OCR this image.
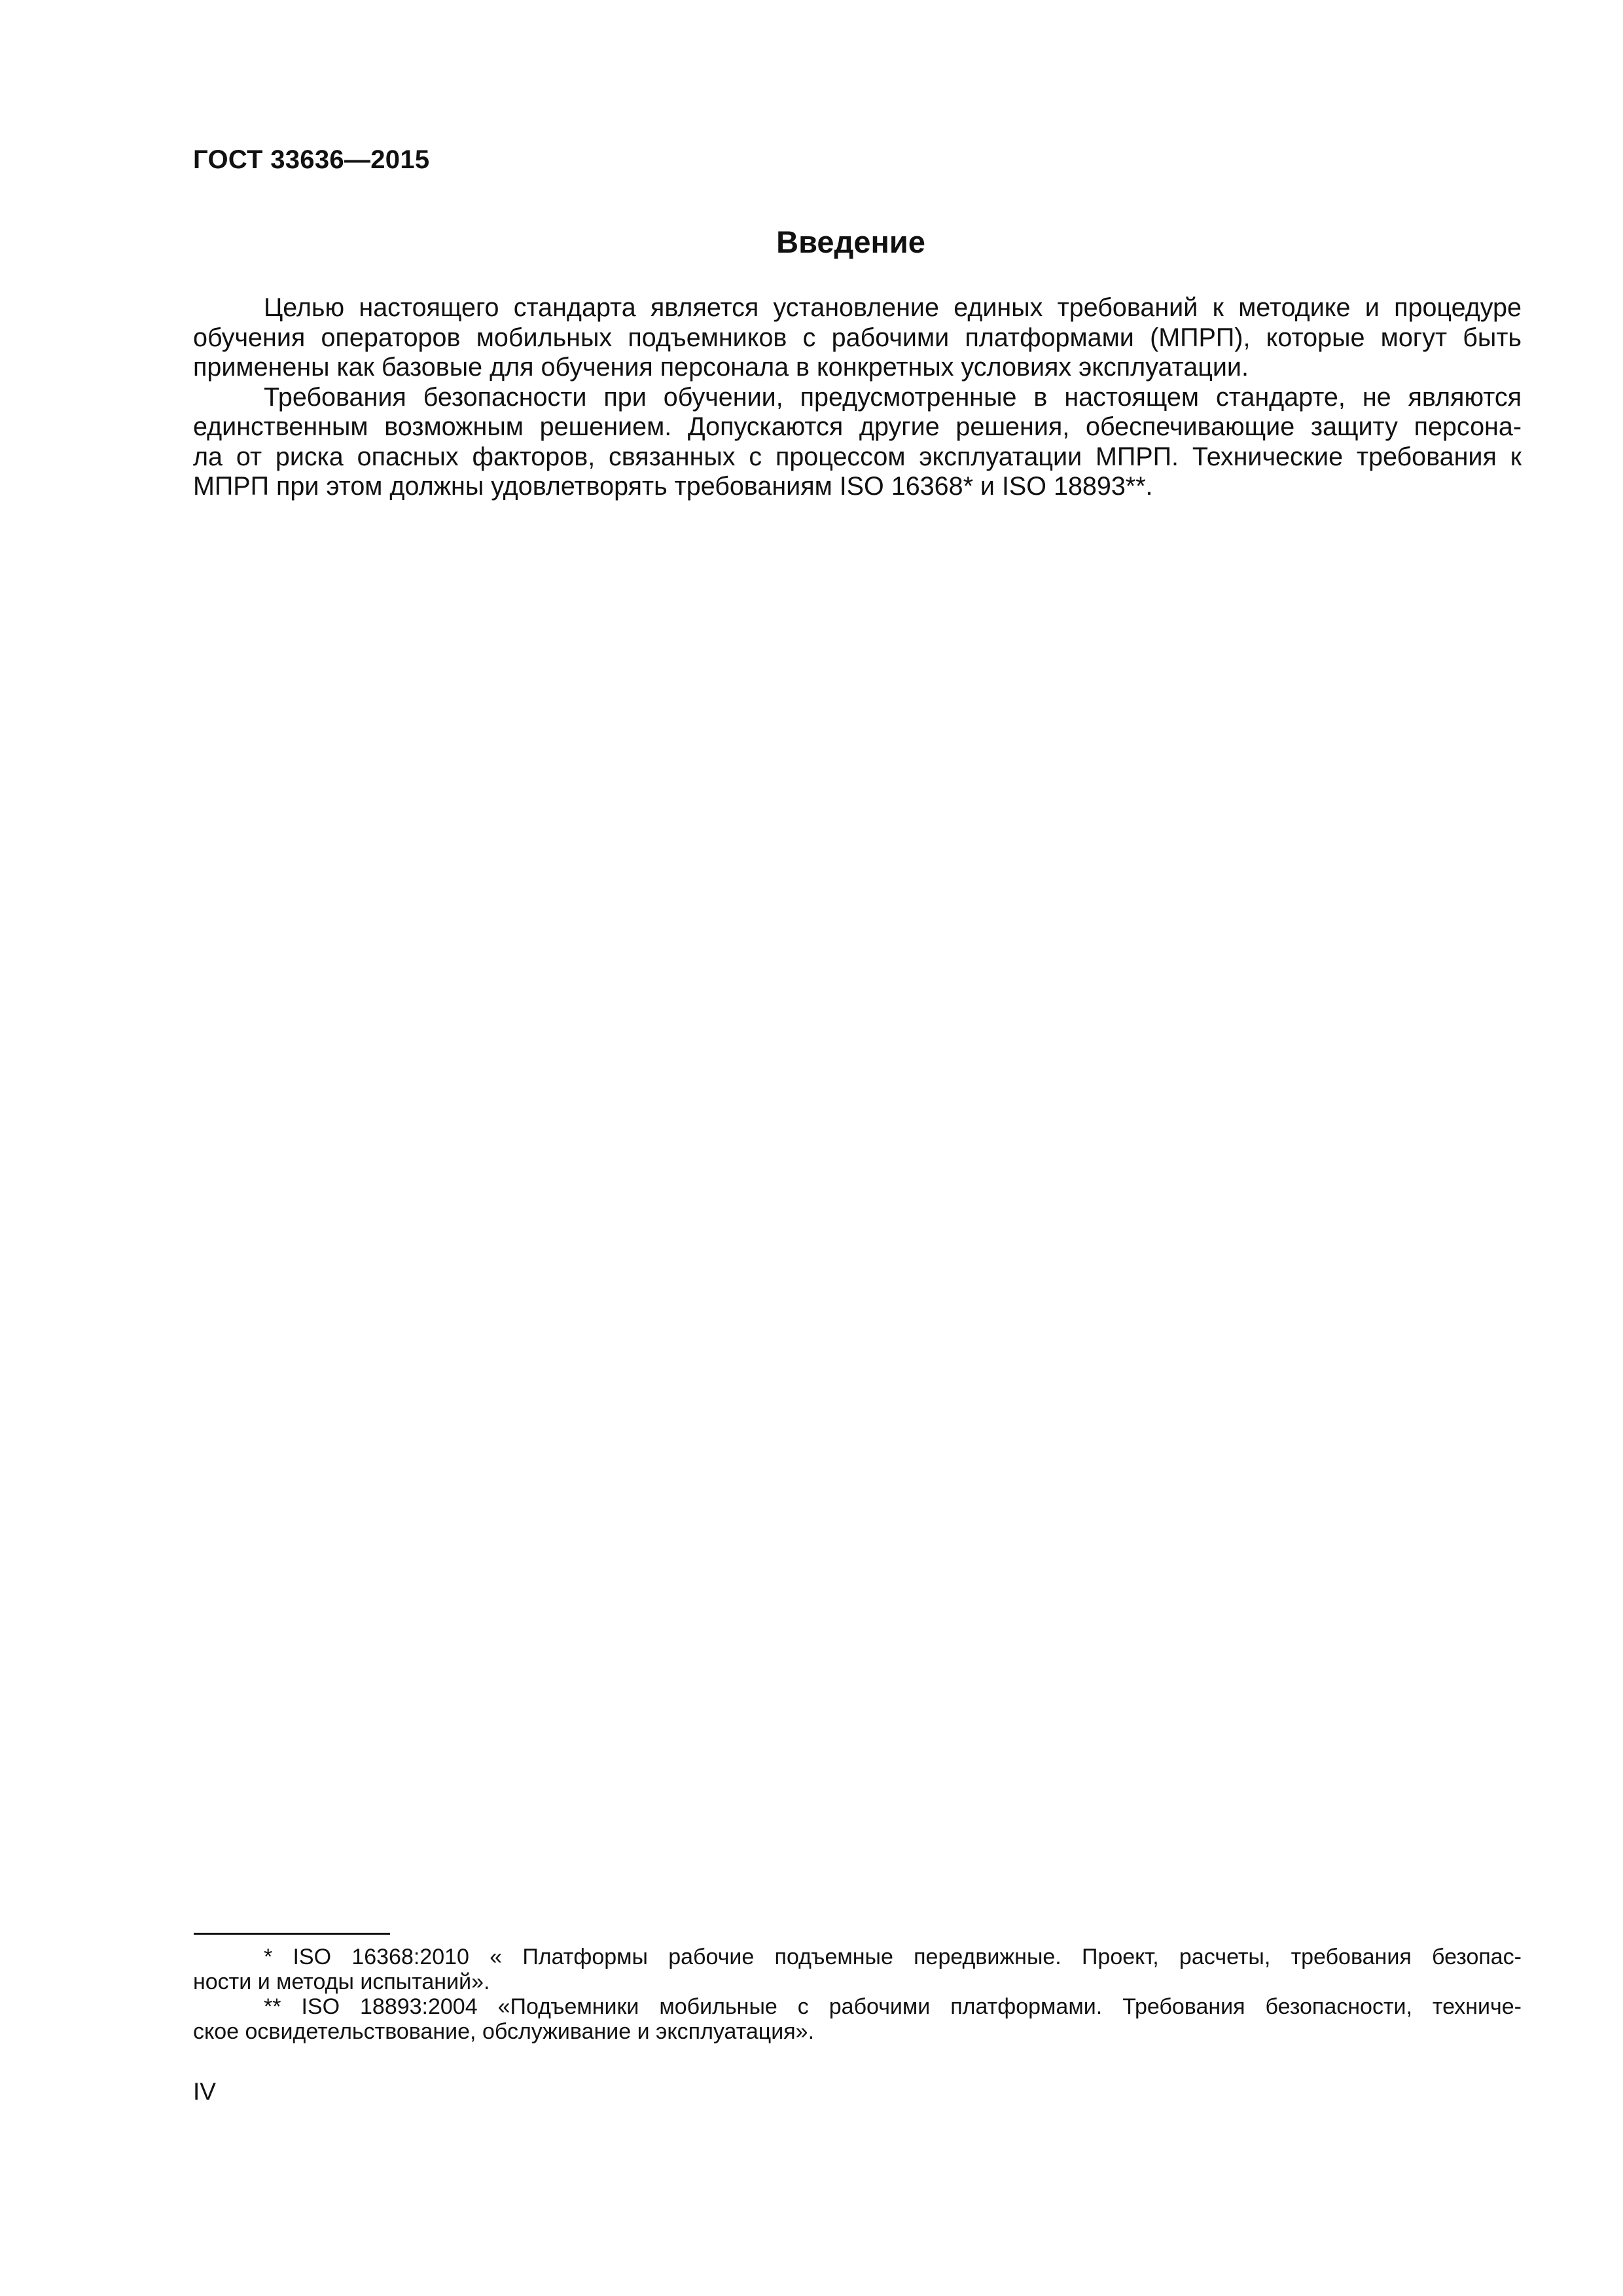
ГОСТ 33636—2015
Введение

Целью настоящего стандарта является установление единых требований к методике и процедуре
обучения операторов мобильных подъемников с рабочими платформами (МПРП), которые могут быть
применены как базовые для обучения персонала в конкретных условиях эксплуатации.

Требования безопасности при обучении, предусмотренные в настоящем стандарте, не являются
единственным возможным решением. Допускаются другие решения, обеспечивающие защиту персона-
ла от риска опасных факторов, связанных с процессом эксплуатации МПРП. Технические требования к
МПРП при этом должны удовлетворять требованиям ISO 16368* и ISO 18893**.

* ISO 16368:2010 « Платформы рабочие подъемные передвижные. Проект, расчеты, требования безопас-
ности и методы испытаний».

** ISO 18893:2004 «Подъемники мобильные с рабочими платформами. Требования безопасности, техниче-
ское освидетельствование, обслуживание и эксплуатация».

IV
